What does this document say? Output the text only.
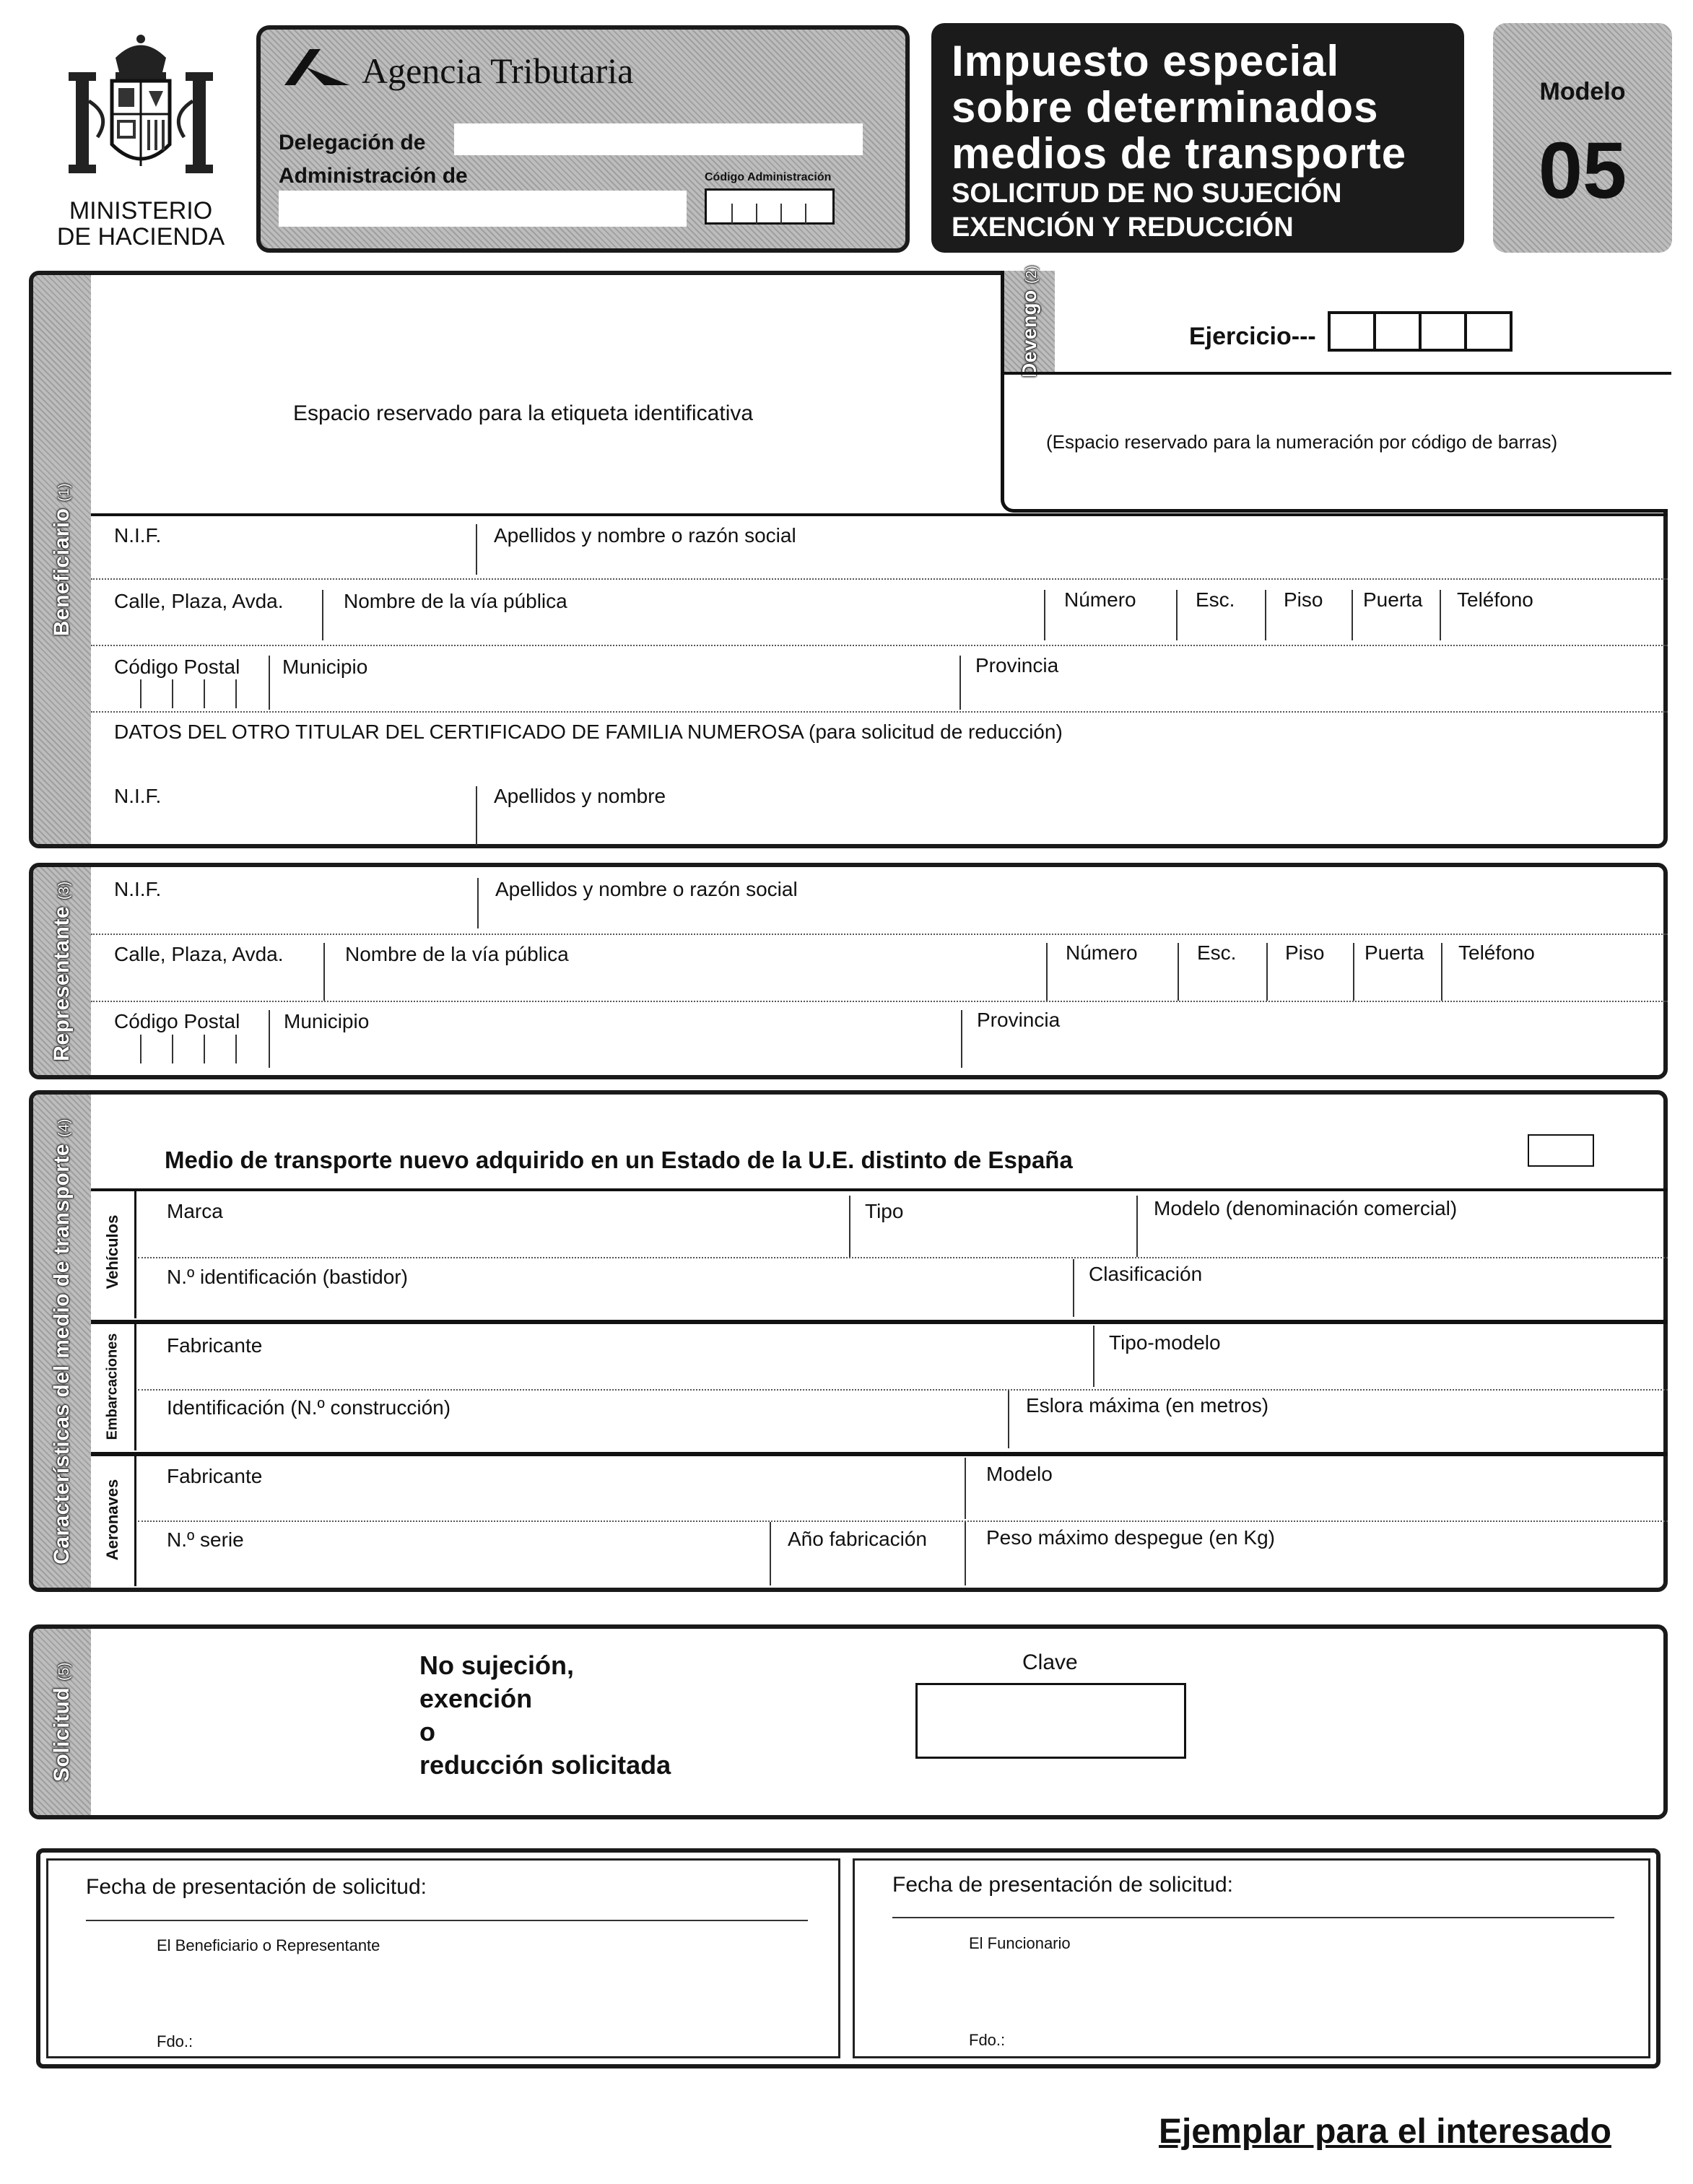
MINISTERIO
DE HACIENDA
Agencia Tributaria
Delegación de
Administración de	Código Administración
Impuesto especial
sobre determinados
medios de transporte
SOLICITUD DE NO SUJECIÓN
EXENCIÓN Y REDUCCIÓN
Modelo
05
Beneficiario (1)
Espacio reservado para la etiqueta identificativa
Devengo (2)
Ejercicio---
(Espacio reservado para la numeración por código de barras)
N.I.F.	Apellidos y nombre o razón social
Calle, Plaza, Avda.	Nombre de la vía pública	Número	Esc. Piso Puerta Teléfono
Código Postal Municipio	Provincia
DATOS DEL OTRO TITULAR DEL CERTIFICADO DE FAMILIA NUMEROSA (para solicitud de reducción)
N.I.F.	Apellidos y nombre
Representante (3) N.I.F.	Apellidos y nombre o razón social
Calle, Plaza, Avda.	Nombre de la vía pública	Número	Esc. Piso Puerta Teléfono
Código Postal Municipio	Provincia
Características del medio de transporte (4)
Medio de transporte nuevo adquirido en un Estado de la U.E. distinto de España
Vehículos
Marca	Tipo	Modelo (denominación comercial)
N.º identificación (bastidor)	Clasificación
Embarcaciones Fabricante	Tipo-modelo
Identificación (N.º construcción)	Eslora máxima (en metros)
Aeronaves
Fabricante	Modelo
N.º serie	Año fabricación	Peso máximo despegue (en Kg)
Solicitud (5)	No sujeción,
exención
o
reducción solicitada
Clave
Fecha de presentación de solicitud:
El Beneficiario o Representante
Fdo.:
Fecha de presentación de solicitud:
El Funcionario
Fdo.:
Ejemplar para el interesado
